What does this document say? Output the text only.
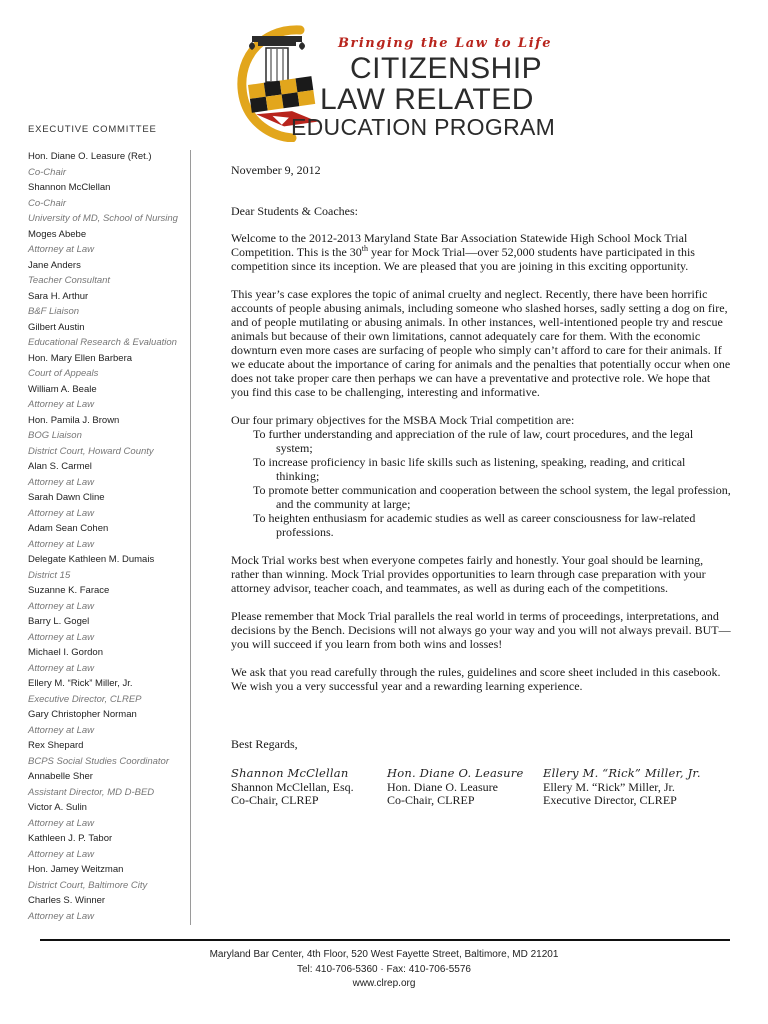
Bringing the Law to Life
CITIZENSHIP
LAW RELATED
EDUCATION PROGRAM
EXECUTIVE COMMITTEE
Hon. Diane O. Leasure (Ret.)
Co-Chair
Shannon McClellan
Co-Chair
University of MD, School of Nursing
Moges Abebe
Attorney at Law
Jane Anders
Teacher Consultant
Sara H. Arthur
B&F Liaison
Gilbert Austin
Educational Research & Evaluation
Hon. Mary Ellen Barbera
Court of Appeals
William A. Beale
Attorney at Law
Hon. Pamila J. Brown
BOG Liaison
District Court, Howard County
Alan S. Carmel
Attorney at Law
Sarah Dawn Cline
Attorney at Law
Adam Sean Cohen
Attorney at Law
Delegate Kathleen M. Dumais
District 15
Suzanne K. Farace
Attorney at Law
Barry L. Gogel
Attorney at Law
Michael I. Gordon
Attorney at Law
Ellery M. “Rick” Miller, Jr.
Executive Director, CLREP
Gary Christopher Norman
Attorney at Law
Rex Shepard
BCPS Social Studies Coordinator
Annabelle Sher
Assistant Director, MD D-BED
Victor A. Sulin
Attorney at Law
Kathleen J. P. Tabor
Attorney at Law
Hon. Jamey Weitzman
District Court, Baltimore City
Charles S. Winner
Attorney at Law

November 9, 2012

Dear Students & Coaches:

Welcome to the 2012-2013 Maryland State Bar Association Statewide High School Mock Trial Competition. This is the 30th year for Mock Trial—over 52,000 students have participated in this competition since its inception. We are pleased that you are joining in this exciting opportunity.

This year’s case explores the topic of animal cruelty and neglect. Recently, there have been horrific accounts of people abusing animals, including someone who slashed horses, sadly setting a dog on fire, and of people mutilating or abusing animals. In other instances, well-intentioned people try and rescue animals but because of their own limitations, cannot adequately care for them. With the economic downturn even more cases are surfacing of people who simply can’t afford to care for their animals. If we educate about the importance of caring for animals and the penalties that potentially occur when one does not take proper care then perhaps we can have a preventative and protective role. We hope that you find this case to be challenging, interesting and informative.

Our four primary objectives for the MSBA Mock Trial competition are:

To further understanding and appreciation of the rule of law, court procedures, and the legal system;
To increase proficiency in basic life skills such as listening, speaking, reading, and critical thinking;
To promote better communication and cooperation between the school system, the legal profession, and the community at large;
To heighten enthusiasm for academic studies as well as career consciousness for law-related professions.

Mock Trial works best when everyone competes fairly and honestly. Your goal should be learning, rather than winning. Mock Trial provides opportunities to learn through case preparation with your attorney advisor, teacher coach, and teammates, as well as during each of the competitions.

Please remember that Mock Trial parallels the real world in terms of proceedings, interpretations, and decisions by the Bench. Decisions will not always go your way and you will not always prevail. BUT—you will succeed if you learn from both wins and losses!

We ask that you read carefully through the rules, guidelines and score sheet included in this casebook. We wish you a very successful year and a rewarding learning experience.

Best Regards,

Shannon McClellan
Shannon McClellan, Esq.
Co-Chair, CLREP
Hon. Diane O. Leasure
Hon. Diane O. Leasure
Co-Chair, CLREP
Ellery M. “Rick” Miller, Jr.
Ellery M. “Rick” Miller, Jr.
Executive Director, CLREP
Maryland Bar Center, 4th Floor, 520 West Fayette Street, Baltimore, MD 21201
Tel: 410-706-5360 · Fax: 410-706-5576
www.clrep.org
